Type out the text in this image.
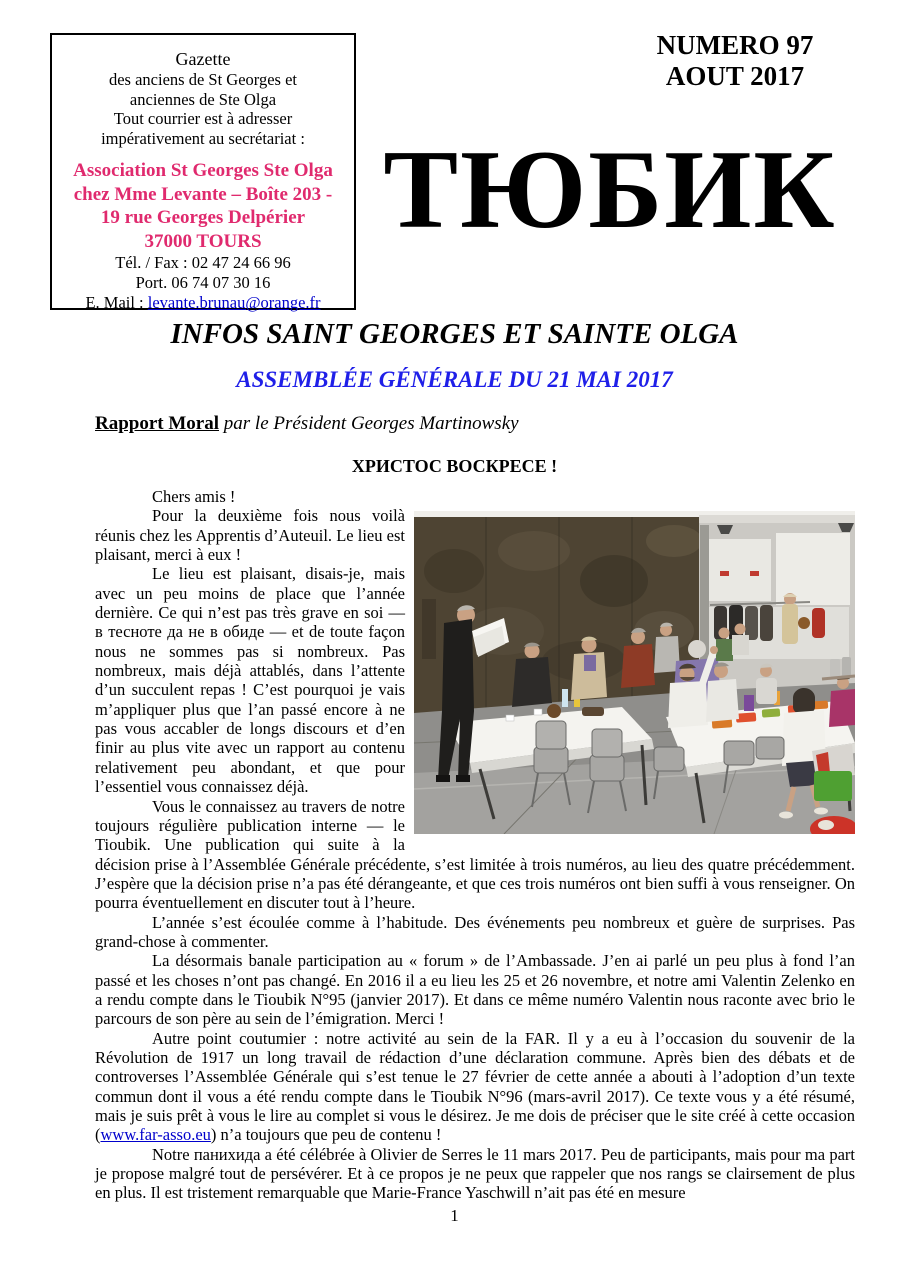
Gazette
des anciens de St Georges et
anciennes de Ste Olga
Tout courrier est à adresser
impérativement au secrétariat :
Association St Georges Ste Olga
chez Mme Levante – Boîte 203 -
19 rue Georges Delpérier
37000 TOURS
Tél. / Fax : 02 47 24 66 96
Port. 06 74 07 30 16
E. Mail : levante.brunau@orange.fr
NUMERO 97
AOUT 2017
ТЮБИК
INFOS SAINT GEORGES ET SAINTE OLGA
ASSEMBLÉE GÉNÉRALE DU 21 MAI 2017
Rapport Moral par le Président Georges Martinowsky
ХРИСТОС ВОСКРЕСЕ !

Chers amis !

Pour la deuxième fois nous voilà réunis chez les Apprentis d’Auteuil. Le lieu est plaisant, merci à eux !

Le lieu est plaisant, disais-je, mais avec un peu moins de place que l’année dernière. Ce qui n’est pas très grave en soi — в тесноте да не в обиде — et de toute façon nous ne sommes pas si nombreux. Pas nombreux, mais déjà attablés, dans l’attente d’un succulent repas ! C’est pourquoi je vais m’appliquer plus que l’an passé encore à ne pas vous accabler de longs discours et d’en finir au plus vite avec un rapport au contenu relativement peu abondant, et que pour l’essentiel vous connaissez déjà.

Vous le connaissez au travers de notre toujours régulière publication interne — le Tioubik. Une publication qui suite à la décision prise à l’Assemblée Générale précédente, s’est limitée à trois numéros, au lieu des quatre précédemment. J’espère que la décision prise n’a pas été dérangeante, et que ces trois numéros ont bien suffi à vous renseigner. On pourra éventuellement en discuter tout à l’heure.

L’année s’est écoulée comme à l’habitude. Des événements peu nombreux et guère de surprises. Pas grand-chose à commenter.

La désormais banale participation au « forum » de l’Ambassade. J’en ai parlé un peu plus à fond l’an passé et les choses n’ont pas changé. En 2016 il a eu lieu les 25 et 26 novembre, et notre ami Valentin Zelenko en a rendu compte dans le Tioubik N°95 (janvier 2017). Et dans ce même numéro Valentin nous raconte avec brio le parcours de son père au sein de l’émigration. Merci !

Autre point coutumier : notre activité au sein de la FAR. Il y a eu à l’occasion du souvenir de la Révolution de 1917 un long travail de rédaction d’une déclaration commune. Après bien des débats et de controverses l’Assemblée Générale qui s’est tenue le 27 février de cette année a abouti à l’adoption d’un texte commun dont il vous a été rendu compte dans le Tioubik N°96 (mars-avril 2017). Ce texte vous y a été résumé, mais je suis prêt à vous le lire au complet si vous le désirez. Je me dois de préciser que le site créé à cette occasion (www.far-asso.eu) n’a toujours que peu de contenu !

Notre панихида a été célébrée à Olivier de Serres le 11 mars 2017. Peu de participants, mais pour ma part je propose malgré tout de persévérer. Et à ce propos je ne peux que rappeler que nos rangs se clairsement de plus en plus. Il est tristement remarquable que Marie-France Yaschwill n’ait pas été en mesure

1
